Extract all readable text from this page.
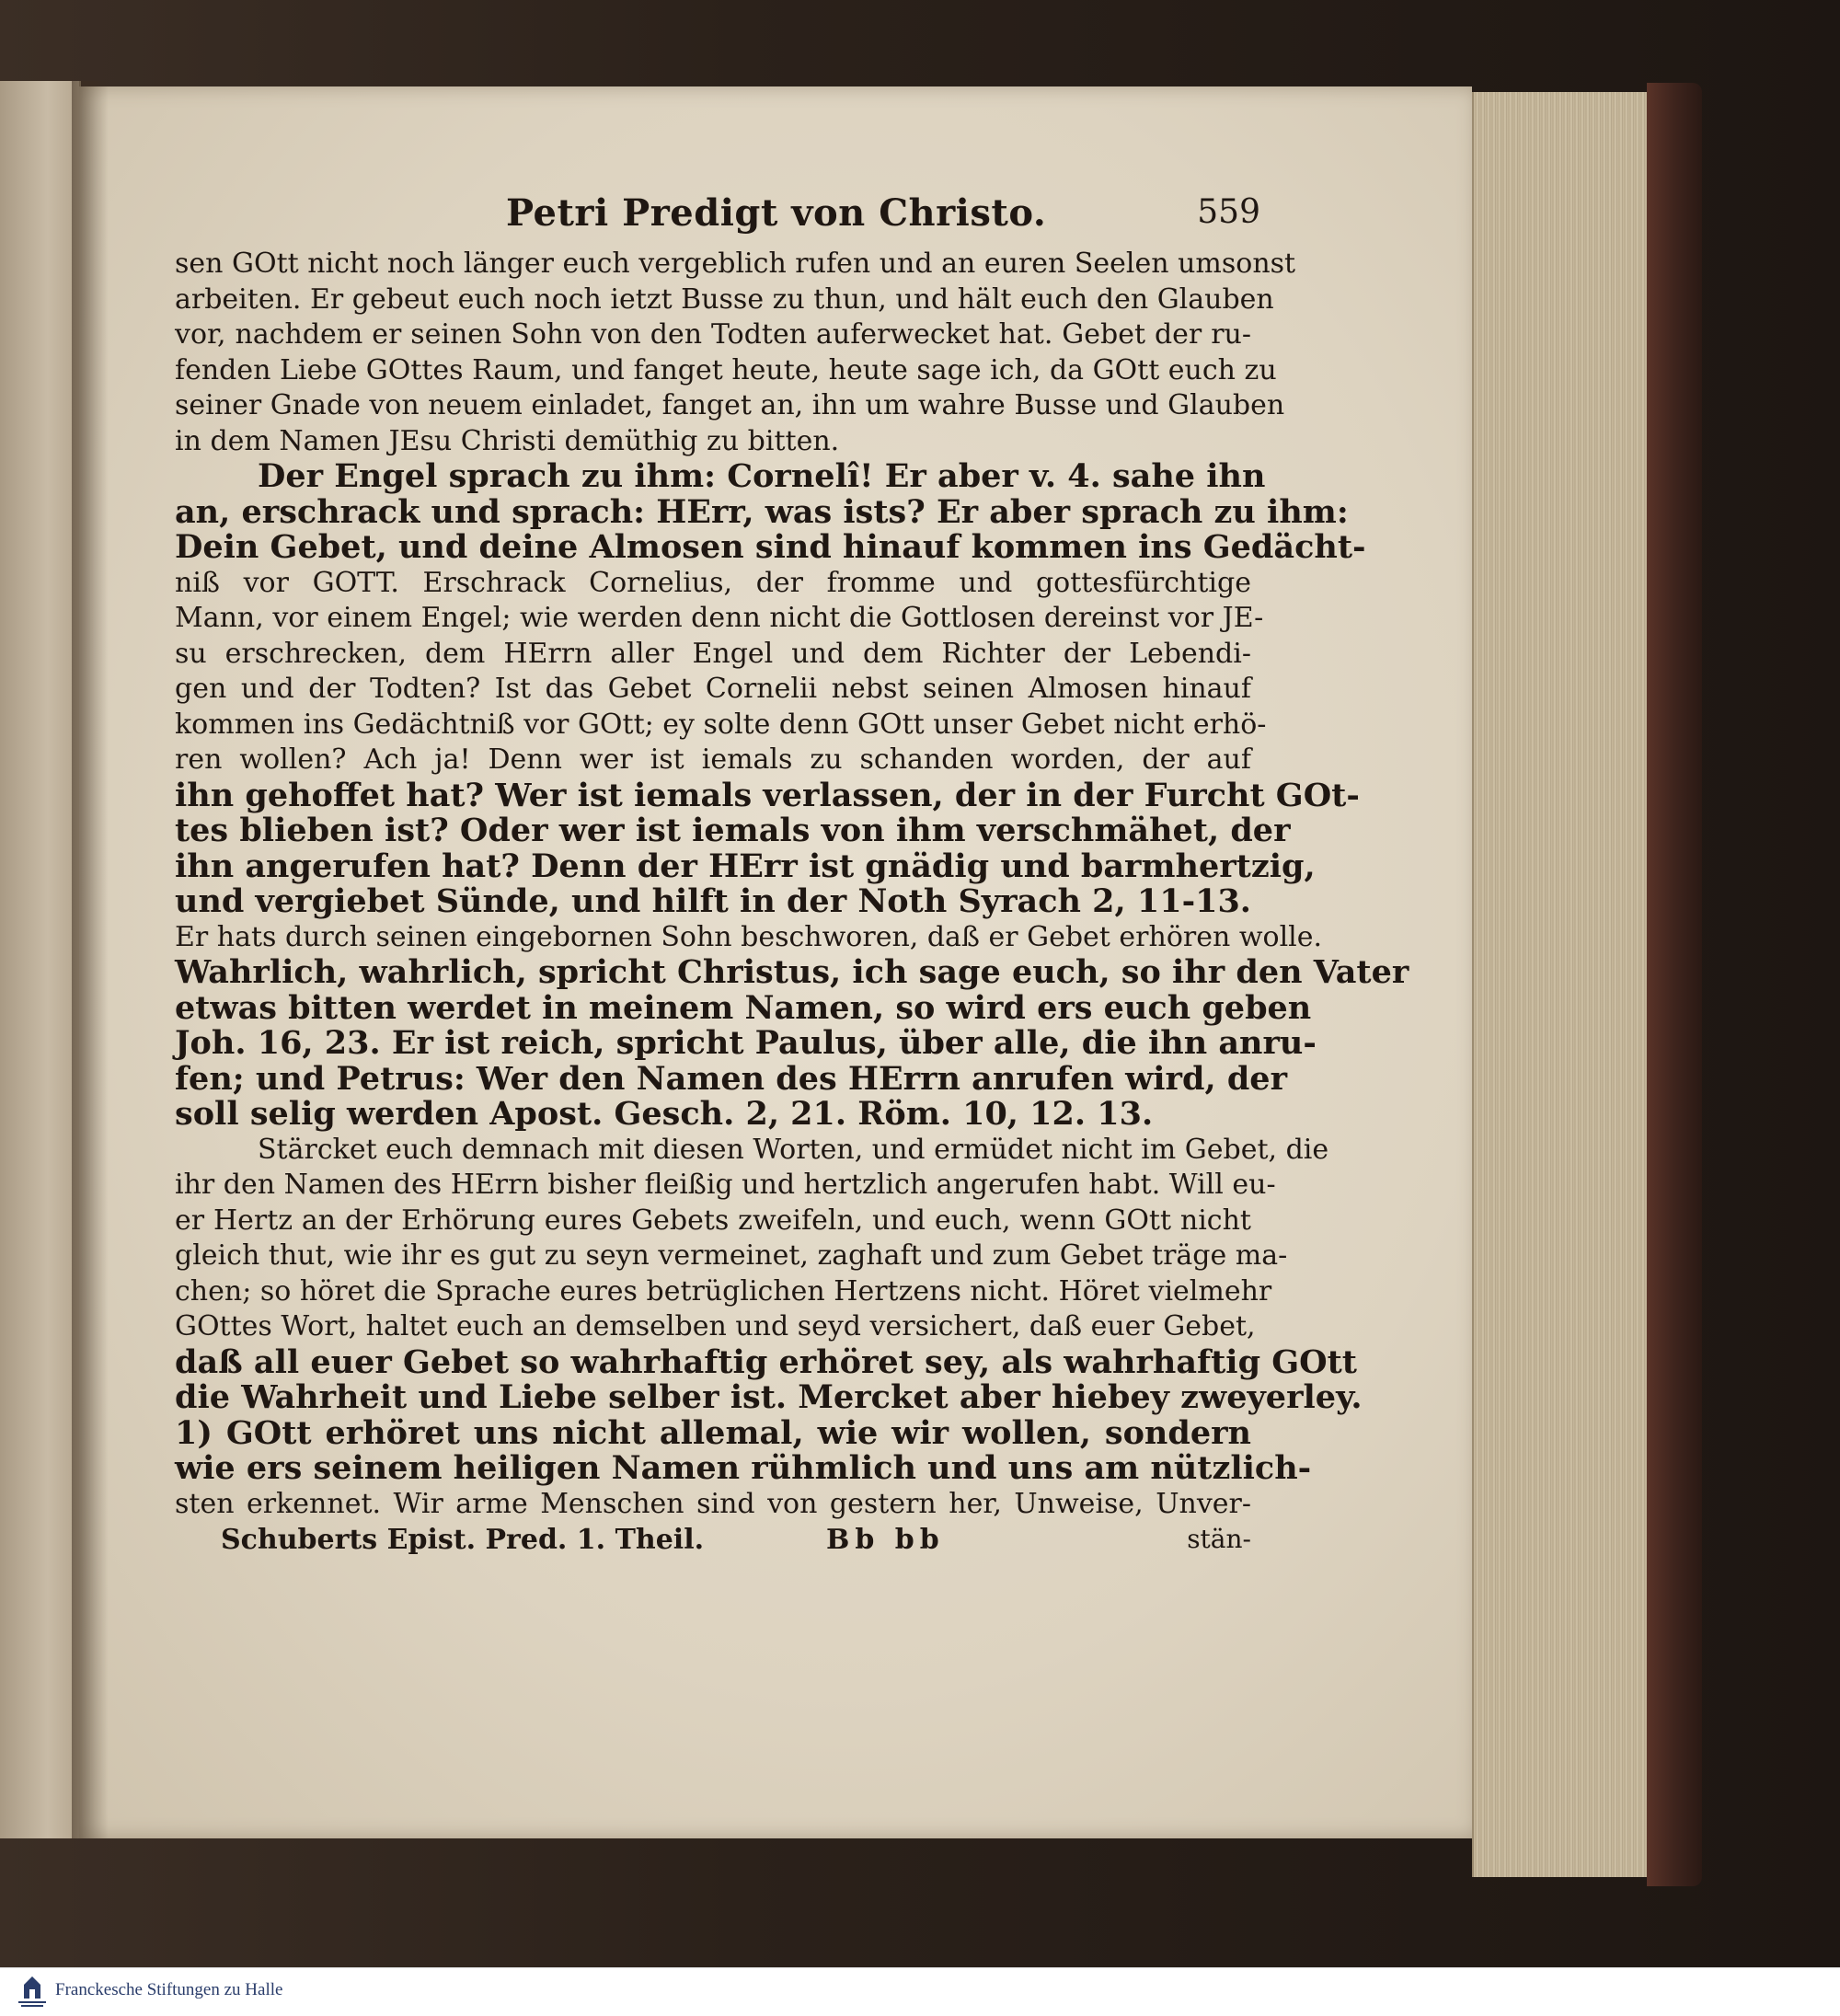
Petri Predigt von Christo.	559
sen GOtt nicht noch länger euch vergeblich rufen und an euren Seelen umsonst
arbeiten. Er gebeut euch noch ietzt Busse zu thun, und hält euch den Glauben
vor, nachdem er seinen Sohn von den Todten auferwecket hat. Gebet der ru-
fenden Liebe GOttes Raum, und fanget heute, heute sage ich, da GOtt euch zu
seiner Gnade von neuem einladet, fanget an, ihn um wahre Busse und Glauben
in dem Namen JEsu Christi demüthig zu bitten.
Der Engel sprach zu ihm: Cornelî! Er aber v. 4. sahe ihn
an, erschrack und sprach: HErr, was ists? Er aber sprach zu ihm:
Dein Gebet, und deine Almosen sind hinauf kommen ins Gedächt-
niß vor GOTT. Erschrack Cornelius, der fromme und gottesfürchtige
Mann, vor einem Engel; wie werden denn nicht die Gottlosen dereinst vor JE-
su erschrecken, dem HErrn aller Engel und dem Richter der Lebendi-
gen und der Todten? Ist das Gebet Cornelii nebst seinen Almosen hinauf
kommen ins Gedächtniß vor GOtt; ey solte denn GOtt unser Gebet nicht erhö-
ren wollen? Ach ja! Denn wer ist iemals zu schanden worden, der auf
ihn gehoffet hat? Wer ist iemals verlassen, der in der Furcht GOt-
tes blieben ist? Oder wer ist iemals von ihm verschmähet, der
ihn angerufen hat? Denn der HErr ist gnädig und barmhertzig,
und vergiebet Sünde, und hilft in der Noth Syrach 2, 11-13.
Er hats durch seinen eingebornen Sohn beschworen, daß er Gebet erhören wolle.
Wahrlich, wahrlich, spricht Christus, ich sage euch, so ihr den Vater
etwas bitten werdet in meinem Namen, so wird ers euch geben
Joh. 16, 23. Er ist reich, spricht Paulus, über alle, die ihn anru-
fen; und Petrus: Wer den Namen des HErrn anrufen wird, der
soll selig werden Apost. Gesch. 2, 21. Röm. 10, 12. 13.
Stärcket euch demnach mit diesen Worten, und ermüdet nicht im Gebet, die
ihr den Namen des HErrn bisher fleißig und hertzlich angerufen habt. Will eu-
er Hertz an der Erhörung eures Gebets zweifeln, und euch, wenn GOtt nicht
gleich thut, wie ihr es gut zu seyn vermeinet, zaghaft und zum Gebet träge ma-
chen; so höret die Sprache eures betrüglichen Hertzens nicht. Höret vielmehr
GOttes Wort, haltet euch an demselben und seyd versichert, daß euer Gebet,
daß all euer Gebet so wahrhaftig erhöret sey, als wahrhaftig GOtt
die Wahrheit und Liebe selber ist. Mercket aber hiebey zweyerley.
1) GOtt erhöret uns nicht allemal, wie wir wollen, sondern
wie ers seinem heiligen Namen rühmlich und uns am nützlich-
sten erkennet. Wir arme Menschen sind von gestern her, Unweise, Unver-
Schuberts Epist. Pred. 1. Theil.	Bb bb	stän-
Franckesche Stiftungen zu Halle
